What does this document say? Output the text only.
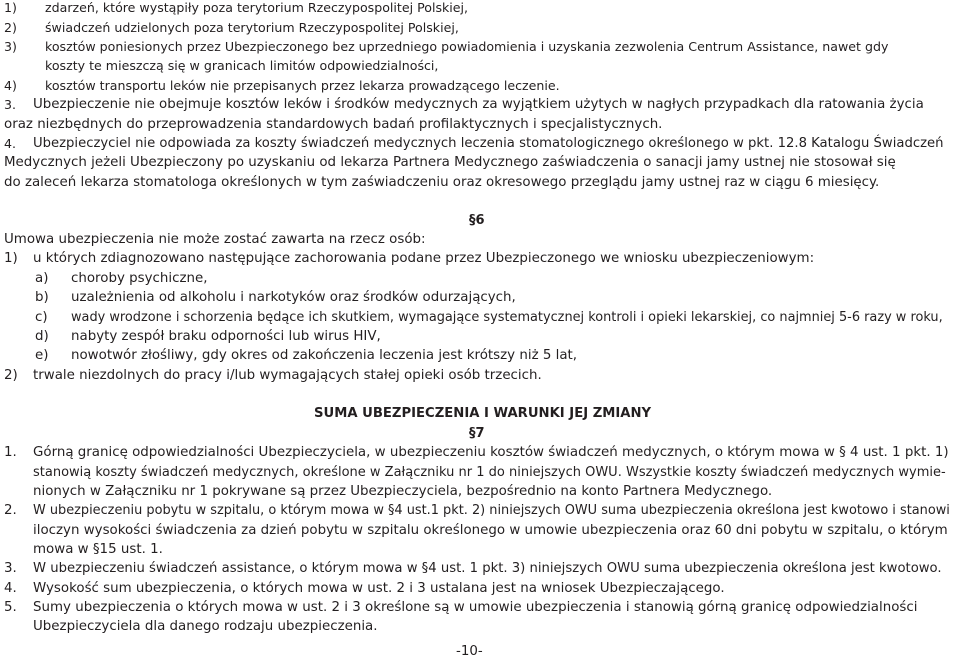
1) zdarzeń, które wystąpiły poza terytorium Rzeczypospolitej Polskiej,
2) świadczeń udzielonych poza terytorium Rzeczypospolitej Polskiej,
3) kosztów poniesionych przez Ubezpieczonego bez uprzedniego powiadomienia i uzyskania zezwolenia Centrum Assistance, nawet gdy
koszty te mieszczą się w granicach limitów odpowiedzialności,
4) kosztów transportu leków nie przepisanych przez lekarza prowadzącego leczenie.
3. Ubezpieczenie nie obejmuje kosztów leków i środków medycznych za wyjątkiem użytych w nagłych przypadkach dla ratowania życia
oraz niezbędnych do przeprowadzenia standardowych badań profilaktycznych i specjalistycznych.
4. Ubezpieczyciel nie odpowiada za koszty świadczeń medycznych leczenia stomatologicznego określonego w pkt. 12.8 Katalogu Świadczeń
Medycznych jeżeli Ubezpieczony po uzyskaniu od lekarza Partnera Medycznego zaświadczenia o sanacji jamy ustnej nie stosował się
do zaleceń lekarza stomatologa określonych w tym zaświadczeniu oraz okresowego przeglądu jamy ustnej raz w ciągu 6 miesięcy.
§6
Umowa ubezpieczenia nie może zostać zawarta na rzecz osób:
1) u których zdiagnozowano następujące zachorowania podane przez Ubezpieczonego we wniosku ubezpieczeniowym:
a) choroby psychiczne,
b) uzależnienia od alkoholu i narkotyków oraz środków odurzających,
c) wady wrodzone i schorzenia będące ich skutkiem, wymagające systematycznej kontroli i opieki lekarskiej, co najmniej 5-6 razy w roku,
d) nabyty zespół braku odporności lub wirus HIV,
e) nowotwór złośliwy, gdy okres od zakończenia leczenia jest krótszy niż 5 lat,
2) trwale niezdolnych do pracy i/lub wymagających stałej opieki osób trzecich.
SUMA UBEZPIECZENIA I WARUNKI JEJ ZMIANY
§7
1. Górną granicę odpowiedzialności Ubezpieczyciela, w ubezpieczeniu kosztów świadczeń medycznych, o którym mowa w § 4 ust. 1 pkt. 1)
stanowią koszty świadczeń medycznych, określone w Załączniku nr 1 do niniejszych OWU. Wszystkie koszty świadczeń medycznych wymie-
nionych w Załączniku nr 1 pokrywane są przez Ubezpieczyciela, bezpośrednio na konto Partnera Medycznego.
2. W ubezpieczeniu pobytu w szpitalu, o którym mowa w §4 ust.1 pkt. 2) niniejszych OWU suma ubezpieczenia określona jest kwotowo i stanowi
iloczyn wysokości świadczenia za dzień pobytu w szpitalu określonego w umowie ubezpieczenia oraz 60 dni pobytu w szpitalu, o którym
mowa w §15 ust. 1.
3. W ubezpieczeniu świadczeń assistance, o którym mowa w §4 ust. 1 pkt. 3) niniejszych OWU suma ubezpieczenia określona jest kwotowo.
4. Wysokość sum ubezpieczenia, o których mowa w ust. 2 i 3 ustalana jest na wniosek Ubezpieczającego.
5. Sumy ubezpieczenia o których mowa w ust. 2 i 3 określone są w umowie ubezpieczenia i stanowią górną granicę odpowiedzialności
Ubezpieczyciela dla danego rodzaju ubezpieczenia.
-10-
